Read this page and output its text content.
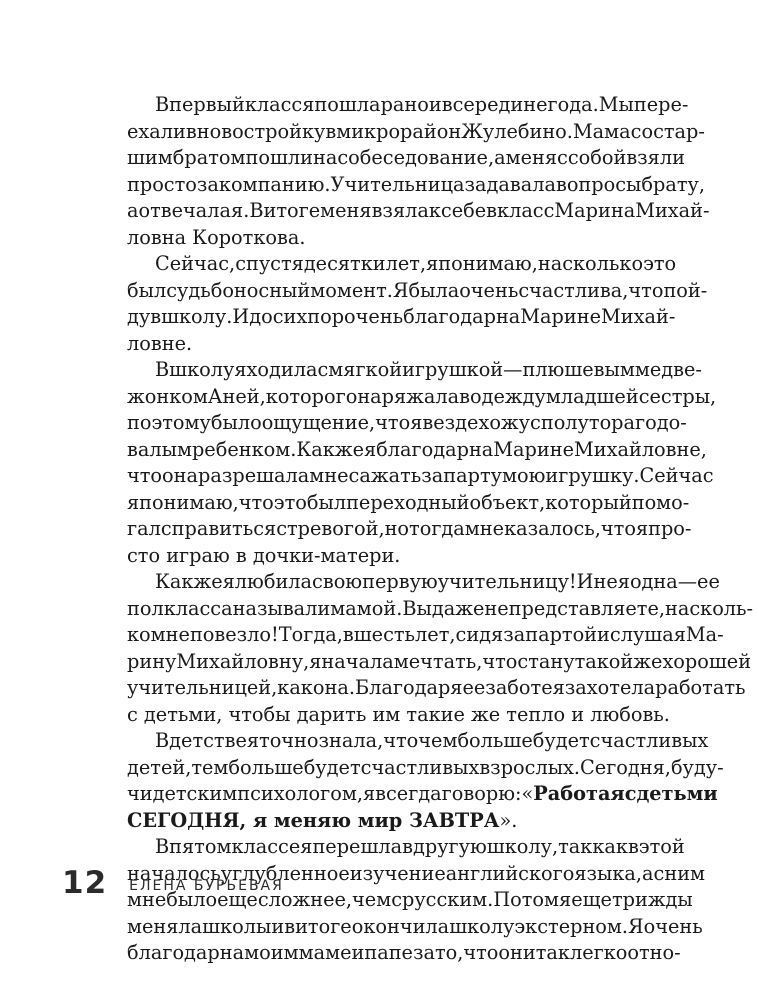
В первый класс я пошла рано и в середине года. Мы пере-
ехали в новостройку в микрорайон Жулебино. Мама со стар-
шим братом пошли на собеседование, а меня с собой взяли
просто за компанию. Учительница задавала вопросы брату,
а отвечала я. В итоге меня взяла к себе в класс Марина Михай-
ловна Короткова.
Сейчас, спустя десятки лет, я понимаю, насколько это
был судьбоносный момент. Я была очень счастлива, что пой-
ду в школу. И до сих пор очень благодарна Марине Михай-
ловне.
В школу я ходила с мягкой игрушкой — плюшевым медве-
жонком Аней, которого наряжала в одежду младшей сестры,
поэтому было ощущение, что я везде хожу с полуторагодо-
валым ребенком. Как же я благодарна Марине Михайловне,
что она разрешала мне сажать за парту мою игрушку. Сейчас
я понимаю, что это был переходный объект, который помо-
гал справиться с тревогой, но тогда мне казалось, что я про-
сто играю в дочки-матери.
Как же я любила свою первую учительницу! И не я одна — ее
полкласса называли мамой. Вы даже не представляете, насколь-
ко мне повезло! Тогда, в шесть лет, сидя за партой и слушая Ма-
рину Михайловну, я начала мечтать, что стану такой же хорошей
учительницей, как она. Благодаря ее заботе я захотела работать
с детьми, чтобы дарить им такие же тепло и любовь.
В детстве я точно знала, что чем больше будет счастливых
детей, тем больше будет счастливых взрослых. Сегодня, буду-
чи детским психологом, я всегда говорю: «Работая с детьми
СЕГОДНЯ, я меняю мир ЗАВТРА».
В пятом классе я перешла в другую школу, так как в этой
началось углубленное изучение английского языка, а с ним
мне было еще сложнее, чем с русским. Потом я еще трижды
меняла школы и в итоге окончила школу экстерном. Я очень
благодарна моим маме и папе за то, что они так легко отно-
12 ЕЛЕНА БУРЬЕВАЯ
